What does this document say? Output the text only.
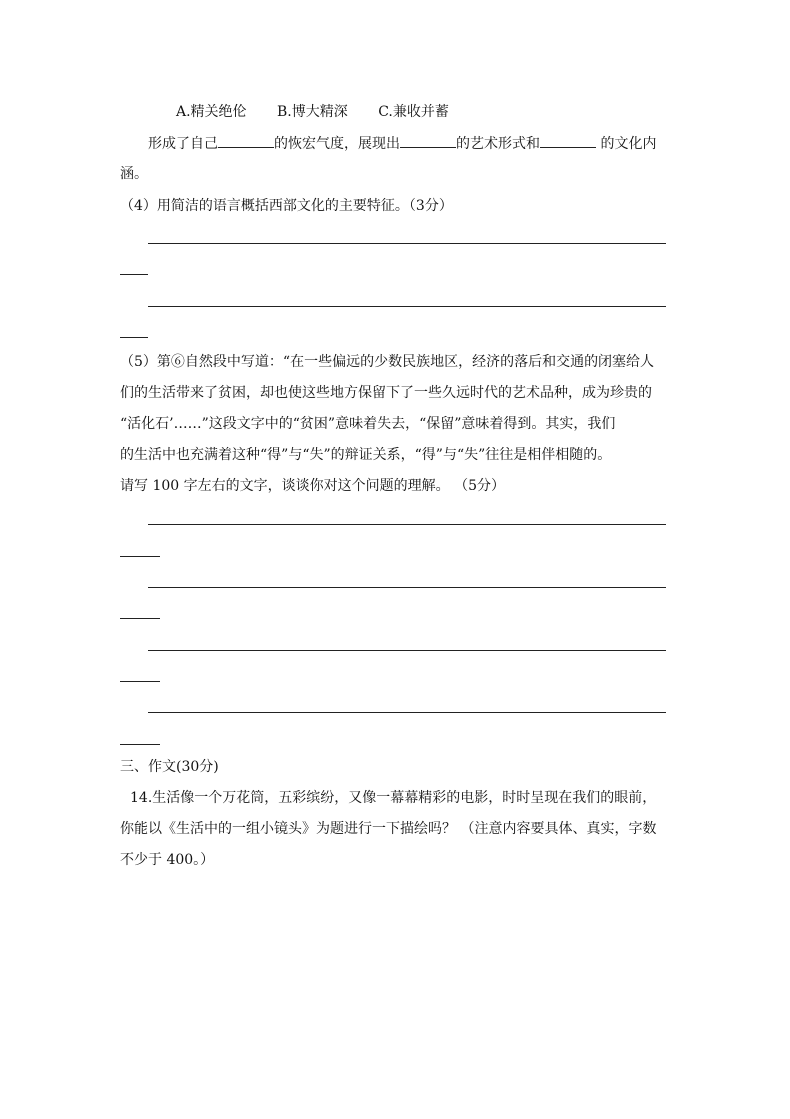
A.精关绝伦 B.博大精深 C.兼收并蓄
形成了自己	的恢宏气度，展现出	的艺术形式和	的文化内
涵。
（4）用简洁的语言概括西部文化的主要特征。（3分）
（5）第⑥自然段中写道：“在一些偏远的少数民族地区，经济的落后和交通的闭塞给人
们的生活带来了贫困，却也使这些地方保留下了一些久远时代的艺术品种，成为珍贵的
“活化石’……”这段文字中的“贫困”意味着失去，“保留”意味着得到。其实，我们
的生活中也充满着这种“得”与“失”的辩证关系，“得”与“失”往往是相伴相随的。
请写 100 字左右的文字，谈谈你对这个问题的理解。 （5分）
三、作文(30分)
14.生活像一个万花筒，五彩缤纷，又像一幕幕精彩的电影，时时呈现在我们的眼前，
你能以《生活中的一组小镜头》为题进行一下描绘吗？ （注意内容要具体、真实，字数
不少于 400。）
